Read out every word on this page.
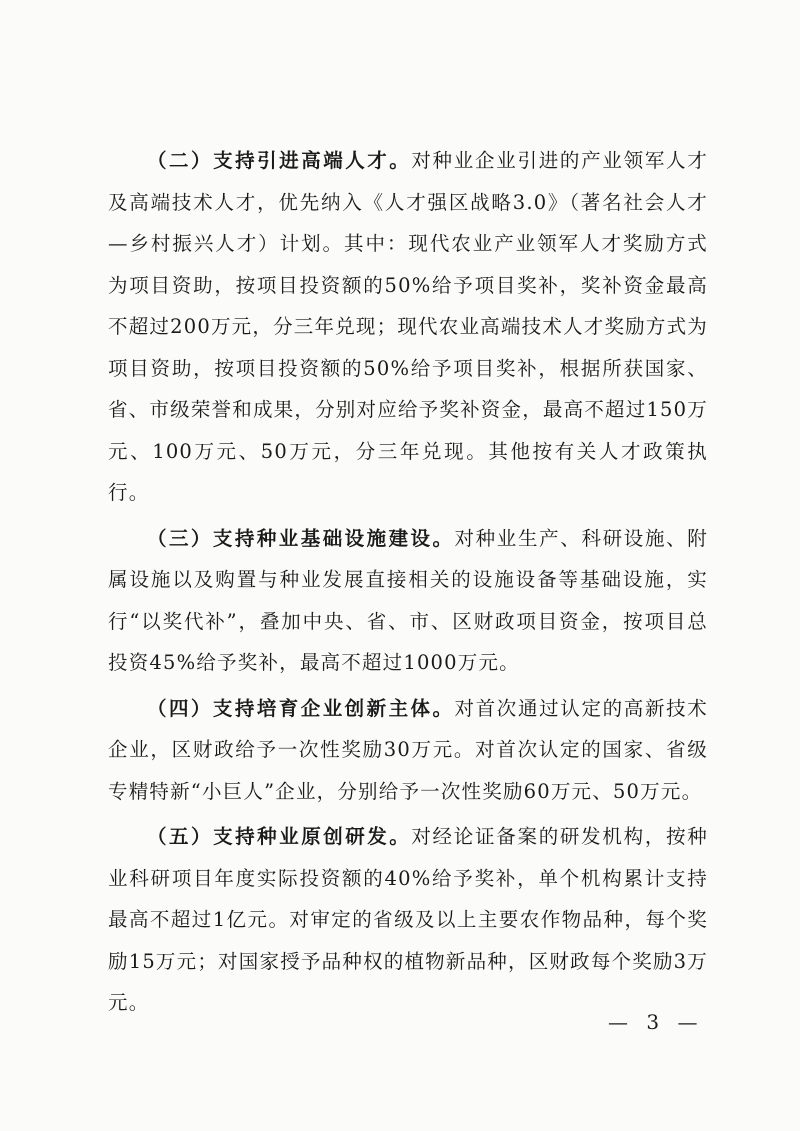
（二）支持引进高端人才。对种业企业引进的产业领军人才及高端技术人才，优先纳入《人才强区战略3.0》（著名社会人才—乡村振兴人才）计划。其中：现代农业产业领军人才奖励方式为项目资助，按项目投资额的50%给予项目奖补，奖补资金最高不超过200万元，分三年兑现；现代农业高端技术人才奖励方式为项目资助，按项目投资额的50%给予项目奖补，根据所获国家、省、市级荣誉和成果，分别对应给予奖补资金，最高不超过150万元、100万元、50万元，分三年兑现。其他按有关人才政策执行。

（三）支持种业基础设施建设。对种业生产、科研设施、附属设施以及购置与种业发展直接相关的设施设备等基础设施，实行“以奖代补”，叠加中央、省、市、区财政项目资金，按项目总投资45%给予奖补，最高不超过1000万元。

（四）支持培育企业创新主体。对首次通过认定的高新技术企业，区财政给予一次性奖励30万元。对首次认定的国家、省级专精特新“小巨人”企业，分别给予一次性奖励60万元、50万元。

（五）支持种业原创研发。对经论证备案的研发机构，按种业科研项目年度实际投资额的40%给予奖补，单个机构累计支持最高不超过1亿元。对审定的省级及以上主要农作物品种，每个奖励15万元；对国家授予品种权的植物新品种，区财政每个奖励3万元。

— 3 —
